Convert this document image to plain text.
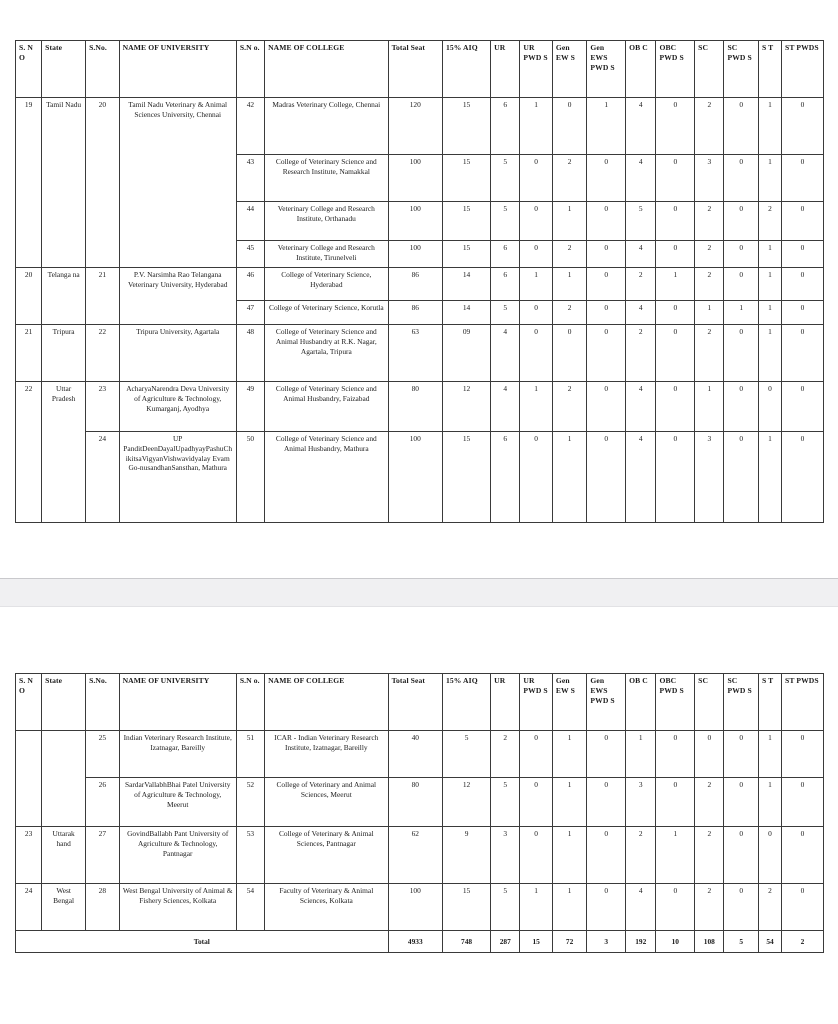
S. N O	State	S.No.	NAME OF UNIVERSITY	S.N o.	NAME OF COLLEGE	Total Seat	15% AIQ	UR	UR PWD S	Gen EW S	Gen EWS PWD S	OB C	OBC PWD S	SC	SC PWD S	S T	ST PWDS
19	Tamil Nadu	20	Tamil Nadu Veterinary & Animal Sciences University, Chennai	42	Madras Veterinary College, Chennai	120	15	6	1	0	1	4	0	2	0	1	0
				43	College of Veterinary Science and Research Institute, Namakkal	100	15	5	0	2	0	4	0	3	0	1	0
				44	Veterinary College and Research Institute, Orthanadu	100	15	5	0	1	0	5	0	2	0	2	0
				45	Veterinary College and Research Institute, Tirunelveli	100	15	6	0	2	0	4	0	2	0	1	0
20	Telanga na	21	P.V. Narsimha Rao Telangana Veterinary University, Hyderabad	46	College of Veterinary Science, Hyderabad	86	14	6	1	1	0	2	1	2	0	1	0
				47	College of Veterinary Science, Korutla	86	14	5	0	2	0	4	0	1	1	1	0
21	Tripura	22	Tripura University, Agartala	48	College of Veterinary Science and Animal Husbandry at R.K. Nagar, Agartala, Tripura	63	09	4	0	0	0	2	0	2	0	1	0
22	Uttar Pradesh	23	AcharyaNarendra Deva University of Agriculture & Technology, Kumarganj, Ayodhya	49	College of Veterinary Science and Animal Husbandry, Faizabad	80	12	4	1	2	0	4	0	1	0	0	0
		24	UP PanditDeenDayalUpadhyayPashuChikitsaVigyanVishwavidyalay Evam Go-nusandhanSansthan, Mathura	50	College of Veterinary Science and Animal Husbandry, Mathura	100	15	6	0	1	0	4	0	3	0	1	0
S. N O	State	S.No.	NAME OF UNIVERSITY	S.N o.	NAME OF COLLEGE	Total Seat	15% AIQ	UR	UR PWD S	Gen EW S	Gen EWS PWD S	OB C	OBC PWD S	SC	SC PWD S	S T	ST PWDS
		25	Indian Veterinary Research Institute, Izatnagar, Bareilly	51	ICAR - Indian Veterinary Research Institute, Izatnagar, Bareilly	40	5	2	0	1	0	1	0	0	0	1	0
		26	SardarVallabhBhai Patel University of Agriculture & Technology, Meerut	52	College of Veterinary and Animal Sciences, Meerut	80	12	5	0	1	0	3	0	2	0	1	0
23	Uttarak hand	27	GovindBallabh Pant University of Agriculture & Technology, Pantnagar	53	College of Veterinary & Animal Sciences, Pantnagar	62	9	3	0	1	0	2	1	2	0	0	0
24	West Bengal	28	West Bengal University of Animal & Fishery Sciences, Kolkata	54	Faculty of Veterinary & Animal Sciences, Kolkata	100	15	5	1	1	0	4	0	2	0	2	0
Total						4933	748	287	15	72	3	192	10	108	5	54	2
